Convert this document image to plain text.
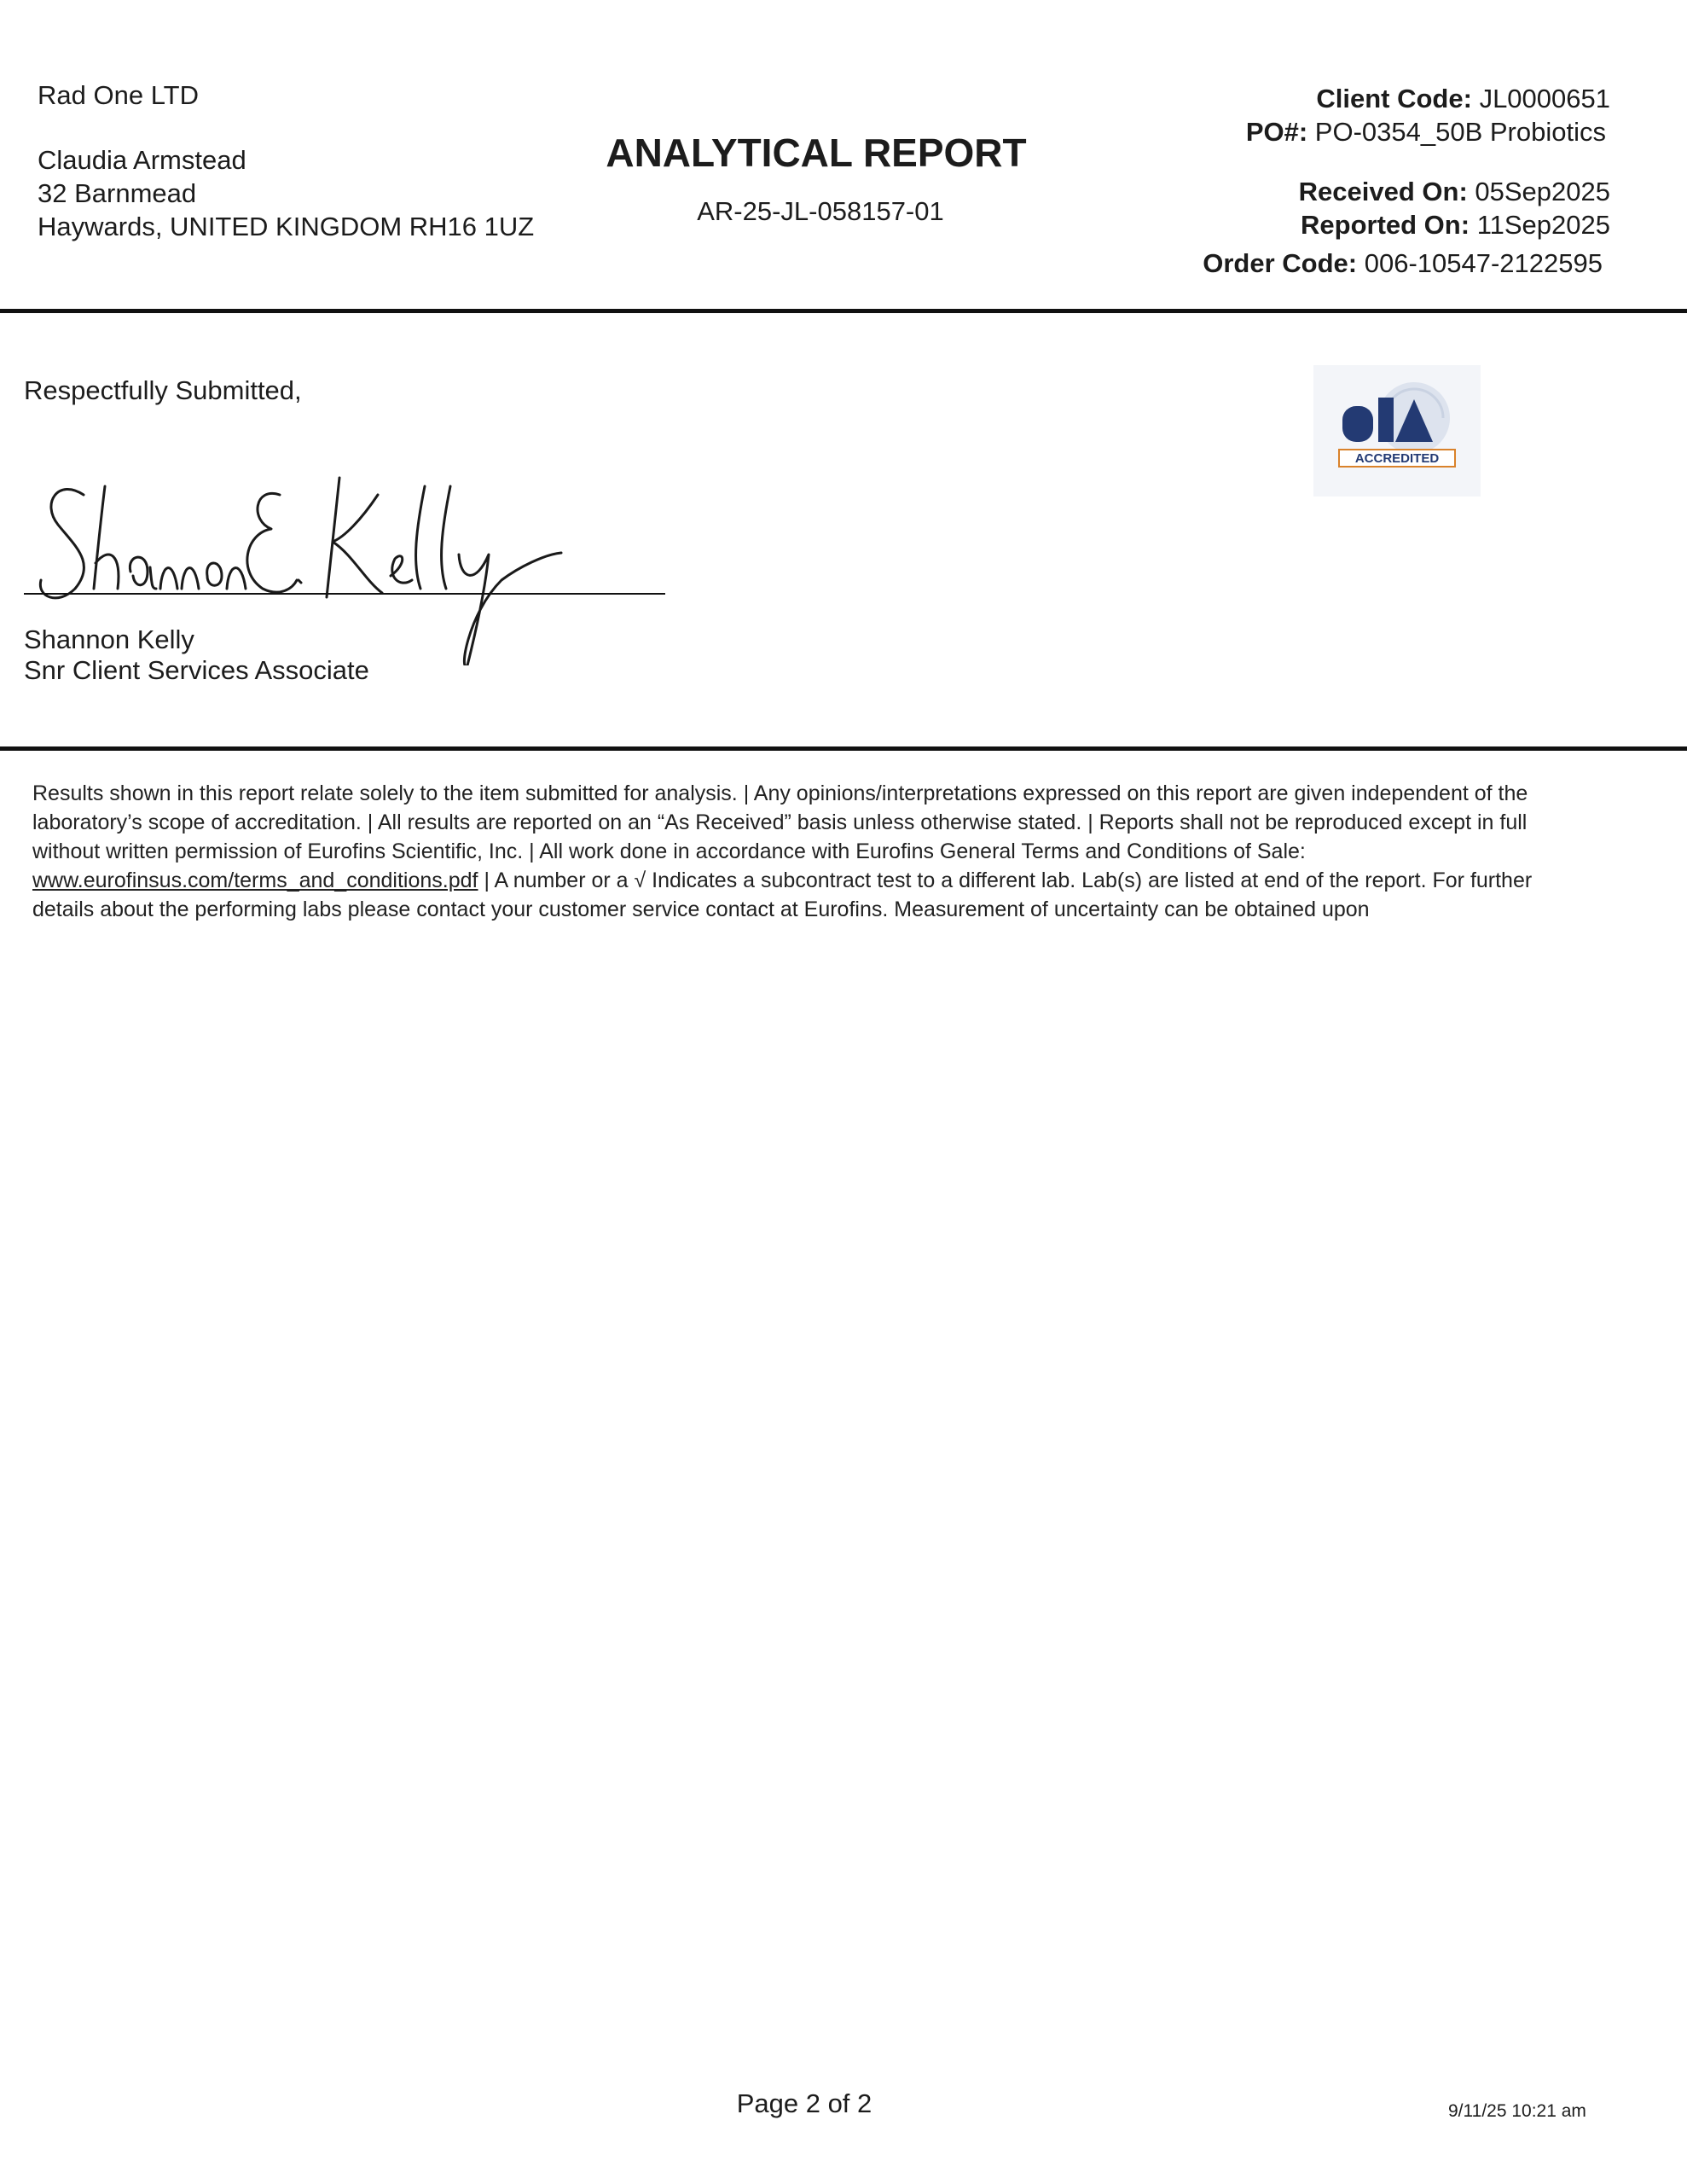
Rad One LTD
Claudia Armstead
32 Barnmead
Haywards, UNITED KINGDOM RH16 1UZ
ANALYTICAL REPORT
AR-25-JL-058157-01
Client Code: JL0000651
PO#: PO-0354_50B Probiotics
Received On: 05Sep2025
Reported On: 11Sep2025
Order Code: 006-10547-2122595
Respectfully Submitted,
Shannon Kelly
Snr Client Services Associate
ACCREDITED
Results shown in this report relate solely to the item submitted for analysis. | Any opinions/interpretations expressed on this report are given independent of the laboratory’s scope of accreditation. | All results are reported on an “As Received” basis unless otherwise stated. | Reports shall not be reproduced except in full without written permission of Eurofins Scientific, Inc. | All work done in accordance with Eurofins General Terms and Conditions of Sale: www.eurofinsus.com/terms_and_conditions.pdf | A number or a √ Indicates a subcontract test to a different lab. Lab(s) are listed at end of the report. For further details about the performing labs please contact your customer service contact at Eurofins. Measurement of uncertainty can be obtained upon
Page 2 of 2	9/11/25 10:21 am
